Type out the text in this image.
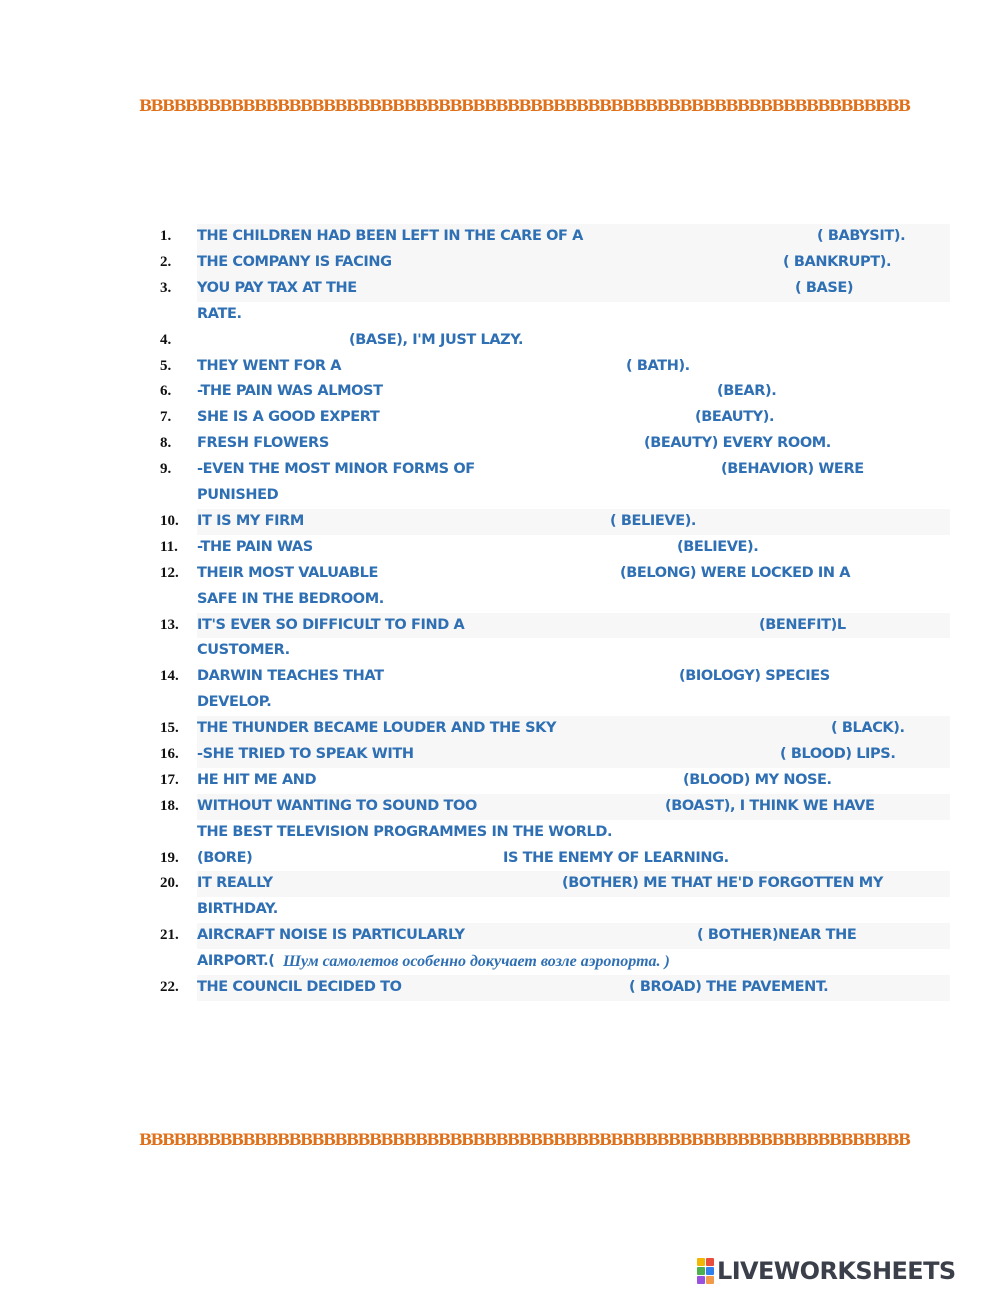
BBBBBBBBBBBBBBBBBBBBBBBBBBBBBBBBBBBBBBBBBBBBBBBBBBBBBBBBBBBBBBBBBBB
1.	THE CHILDREN HAD BEEN LEFT IN THE CARE OF A	( BABYSIT).
2.	THE COMPANY IS FACING	( BANKRUPT).
3.	YOU PAY TAX AT THE	( BASE)
RATE.
4.	(BASE), I'M JUST LAZY.
5.	THEY WENT FOR A	( BATH).
6.	-THE PAIN WAS ALMOST	(BEAR).
7.	SHE IS A GOOD EXPERT	(BEAUTY).
8.	FRESH FLOWERS	(BEAUTY) EVERY ROOM.
9.	-EVEN THE MOST MINOR FORMS OF	(BEHAVIOR) WERE
PUNISHED
10.	IT IS MY FIRM	( BELIEVE).
11.	-THE PAIN WAS	(BELIEVE).
12.	THEIR MOST VALUABLE	(BELONG) WERE LOCKED IN A
SAFE IN THE BEDROOM.
13.	IT'S EVER SO DIFFICULT TO FIND A	(BENEFIT)L
CUSTOMER.
14.	DARWIN TEACHES THAT	(BIOLOGY) SPECIES
DEVELOP.
15.	THE THUNDER BECAME LOUDER AND THE SKY	( BLACK).
16.	-SHE TRIED TO SPEAK WITH	( BLOOD) LIPS.
17.	HE HIT ME AND	(BLOOD) MY NOSE.
18.	WITHOUT WANTING TO SOUND TOO	(BOAST), I THINK WE HAVE
THE BEST TELEVISION PROGRAMMES IN THE WORLD.
19.	(BORE)	IS THE ENEMY OF LEARNING.
20.	IT REALLY	(BOTHER) ME THAT HE'D FORGOTTEN MY
BIRTHDAY.
21.	AIRCRAFT NOISE IS PARTICULARLY	( BOTHER)NEAR THE
AIRPORT.( Шум самолетов особенно докучает возле аэропорта. )
22.	THE COUNCIL DECIDED TO	( BROAD) THE PAVEMENT.
BBBBBBBBBBBBBBBBBBBBBBBBBBBBBBBBBBBBBBBBBBBBBBBBBBBBBBBBBBBBBBBBBBB
LIVEWORKSHEETS
